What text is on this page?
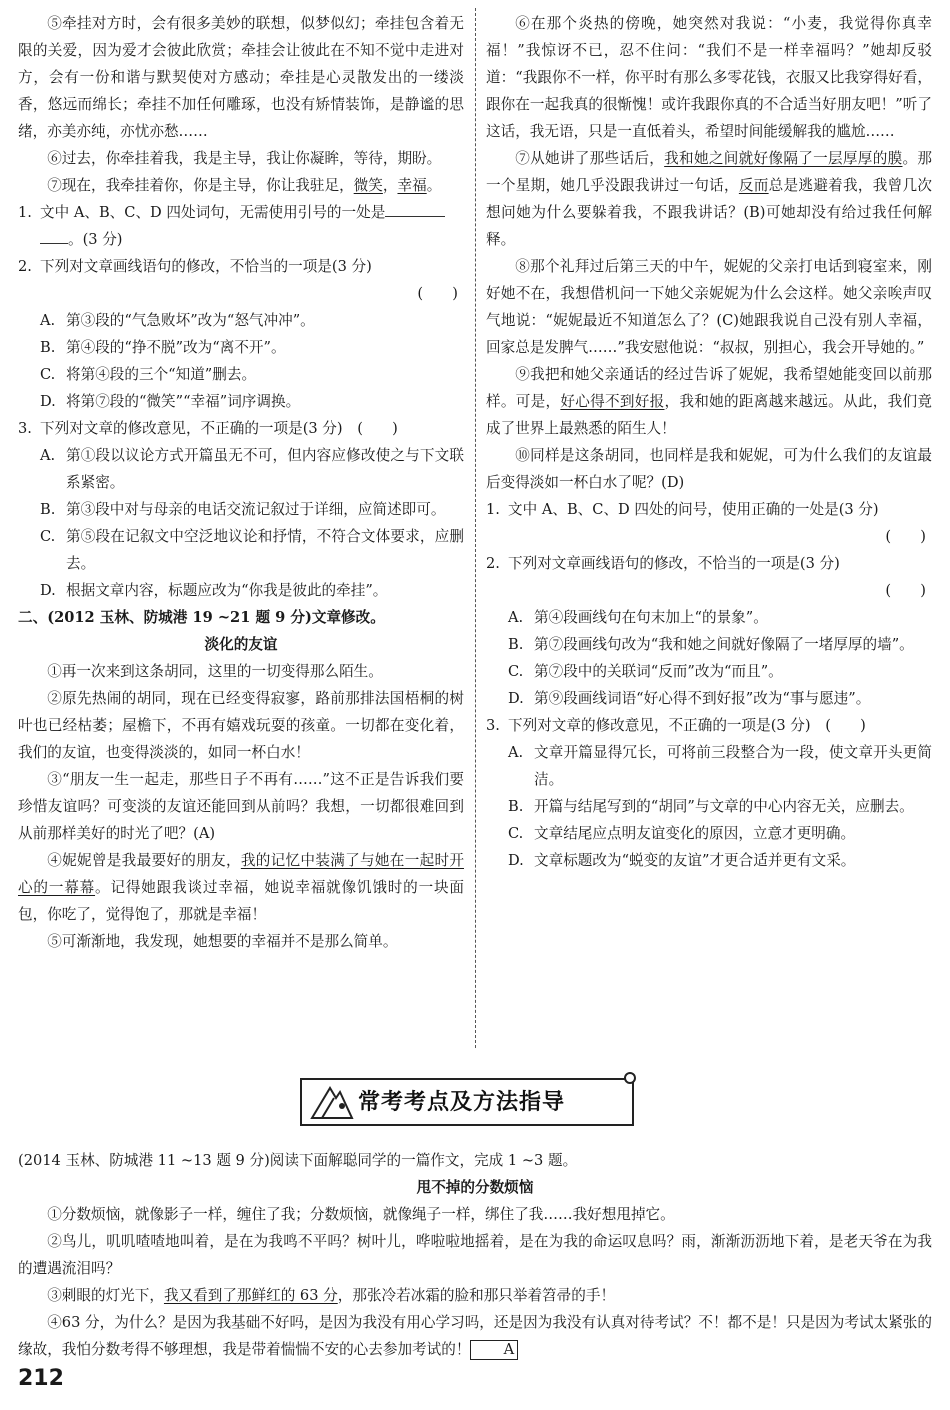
⑤牵挂对方时，会有很多美妙的联想，似梦似幻；牵挂包含着无限的关爱，因为爱才会彼此欣赏；牵挂会让彼此在不知不觉中走进对方，会有一份和谐与默契使对方感动；牵挂是心灵散发出的一缕淡香，悠远而绵长；牵挂不加任何雕琢，也没有矫情装饰，是静谧的思绪，亦美亦纯，亦忧亦愁……

⑥过去，你牵挂着我，我是主导，我让你凝眸，等待，期盼。

⑦现在，我牵挂着你，你是主导，你让我驻足，微笑，幸福。

1. 文中 A、B、C、D 四处词句，无需使用引号的一处是
。(3 分)
2. 下列对文章画线语句的修改，不恰当的一项是(3 分)
(　　)
A. 第③段的“气急败坏”改为“怒气冲冲”。
B. 第④段的“挣不脱”改为“离不开”。
C. 将第④段的三个“知道”删去。
D. 将第⑦段的“微笑”“幸福”词序调换。
3. 下列对文章的修改意见，不正确的一项是(3 分)　(　　)
A. 第①段以议论方式开篇虽无不可，但内容应修改使之与下文联系紧密。
B. 第③段中对与母亲的电话交流记叙过于详细，应简述即可。
C. 第⑤段在记叙文中空泛地议论和抒情，不符合文体要求，应删去。
D. 根据文章内容，标题应改为“你我是彼此的牵挂”。

二、(2012 玉林、防城港 19 ~21 题 9 分)文章修改。

淡化的友谊

①再一次来到这条胡同，这里的一切变得那么陌生。

②原先热闹的胡同，现在已经变得寂寥，路前那排法国梧桐的树叶也已经枯萎；屋檐下，不再有嬉戏玩耍的孩童。一切都在变化着，我们的友谊，也变得淡淡的，如同一杯白水！

③“朋友一生一起走，那些日子不再有……”这不正是告诉我们要珍惜友谊吗？可变淡的友谊还能回到从前吗？我想，一切都很难回到从前那样美好的时光了吧？(A)

④妮妮曾是我最要好的朋友，我的记忆中装满了与她在一起时开心的一幕幕。记得她跟我谈过幸福，她说幸福就像饥饿时的一块面包，你吃了，觉得饱了，那就是幸福！

⑤可渐渐地，我发现，她想要的幸福并不是那么简单。

⑥在那个炎热的傍晚，她突然对我说：“小麦，我觉得你真幸福！”我惊讶不已，忍不住问：“我们不是一样幸福吗？”她却反驳道：“我跟你不一样，你平时有那么多零花钱，衣服又比我穿得好看，跟你在一起我真的很惭愧！或许我跟你真的不合适当好朋友吧！”听了这话，我无语，只是一直低着头，希望时间能缓解我的尴尬……

⑦从她讲了那些话后，我和她之间就好像隔了一层厚厚的膜。那一个星期，她几乎没跟我讲过一句话，反而总是逃避着我，我曾几次想问她为什么要躲着我，不跟我讲话？(B)可她却没有给过我任何解释。

⑧那个礼拜过后第三天的中午，妮妮的父亲打电话到寝室来，刚好她不在，我想借机问一下她父亲妮妮为什么会这样。她父亲唉声叹气地说：“妮妮最近不知道怎么了？(C)她跟我说自己没有别人幸福，回家总是发脾气……”我安慰他说：“叔叔，别担心，我会开导她的。”

⑨我把和她父亲通话的经过告诉了妮妮，我希望她能变回以前那样。可是，好心得不到好报，我和她的距离越来越远。从此，我们竟成了世界上最熟悉的陌生人！

⑩同样是这条胡同，也同样是我和妮妮，可为什么我们的友谊最后变得淡如一杯白水了呢？(D)

1. 文中 A、B、C、D 四处的问号，使用正确的一处是(3 分)
(　　)
2. 下列对文章画线语句的修改，不恰当的一项是(3 分)
(　　)
A. 第④段画线句在句末加上“的景象”。
B. 第⑦段画线句改为“我和她之间就好像隔了一堵厚厚的墙”。
C. 第⑦段中的关联词“反而”改为“而且”。
D. 第⑨段画线词语“好心得不到好报”改为“事与愿违”。
3. 下列对文章的修改意见，不正确的一项是(3 分)　(　　)
A. 文章开篇显得冗长，可将前三段整合为一段，使文章开头更简洁。
B. 开篇与结尾写到的“胡同”与文章的中心内容无关，应删去。
C. 文章结尾应点明友谊变化的原因，立意才更明确。
D. 文章标题改为“蜕变的友谊”才更合适并更有文采。
常考考点及方法指导

(2014 玉林、防城港 11 ~13 题 9 分)阅读下面解聪同学的一篇作文，完成 1 ~3 题。

甩不掉的分数烦恼

①分数烦恼，就像影子一样，缠住了我；分数烦恼，就像绳子一样，绑住了我……我好想甩掉它。

②鸟儿，叽叽喳喳地叫着，是在为我鸣不平吗？树叶儿，哗啦啦地摇着，是在为我的命运叹息吗？雨，渐渐沥沥地下着，是老天爷在为我的遭遇流泪吗？

③刺眼的灯光下，我又看到了那鲜红的 63 分，那张冷若冰霜的脸和那只举着笤帚的手！

④63 分，为什么？是因为我基础不好吗，是因为我没有用心学习吗，还是因为我没有认真对待考试？不！都不是！只是因为考试太紧张的缘故，我怕分数考得不够理想，我是带着惴惴不安的心去参加考试的！ A

212
